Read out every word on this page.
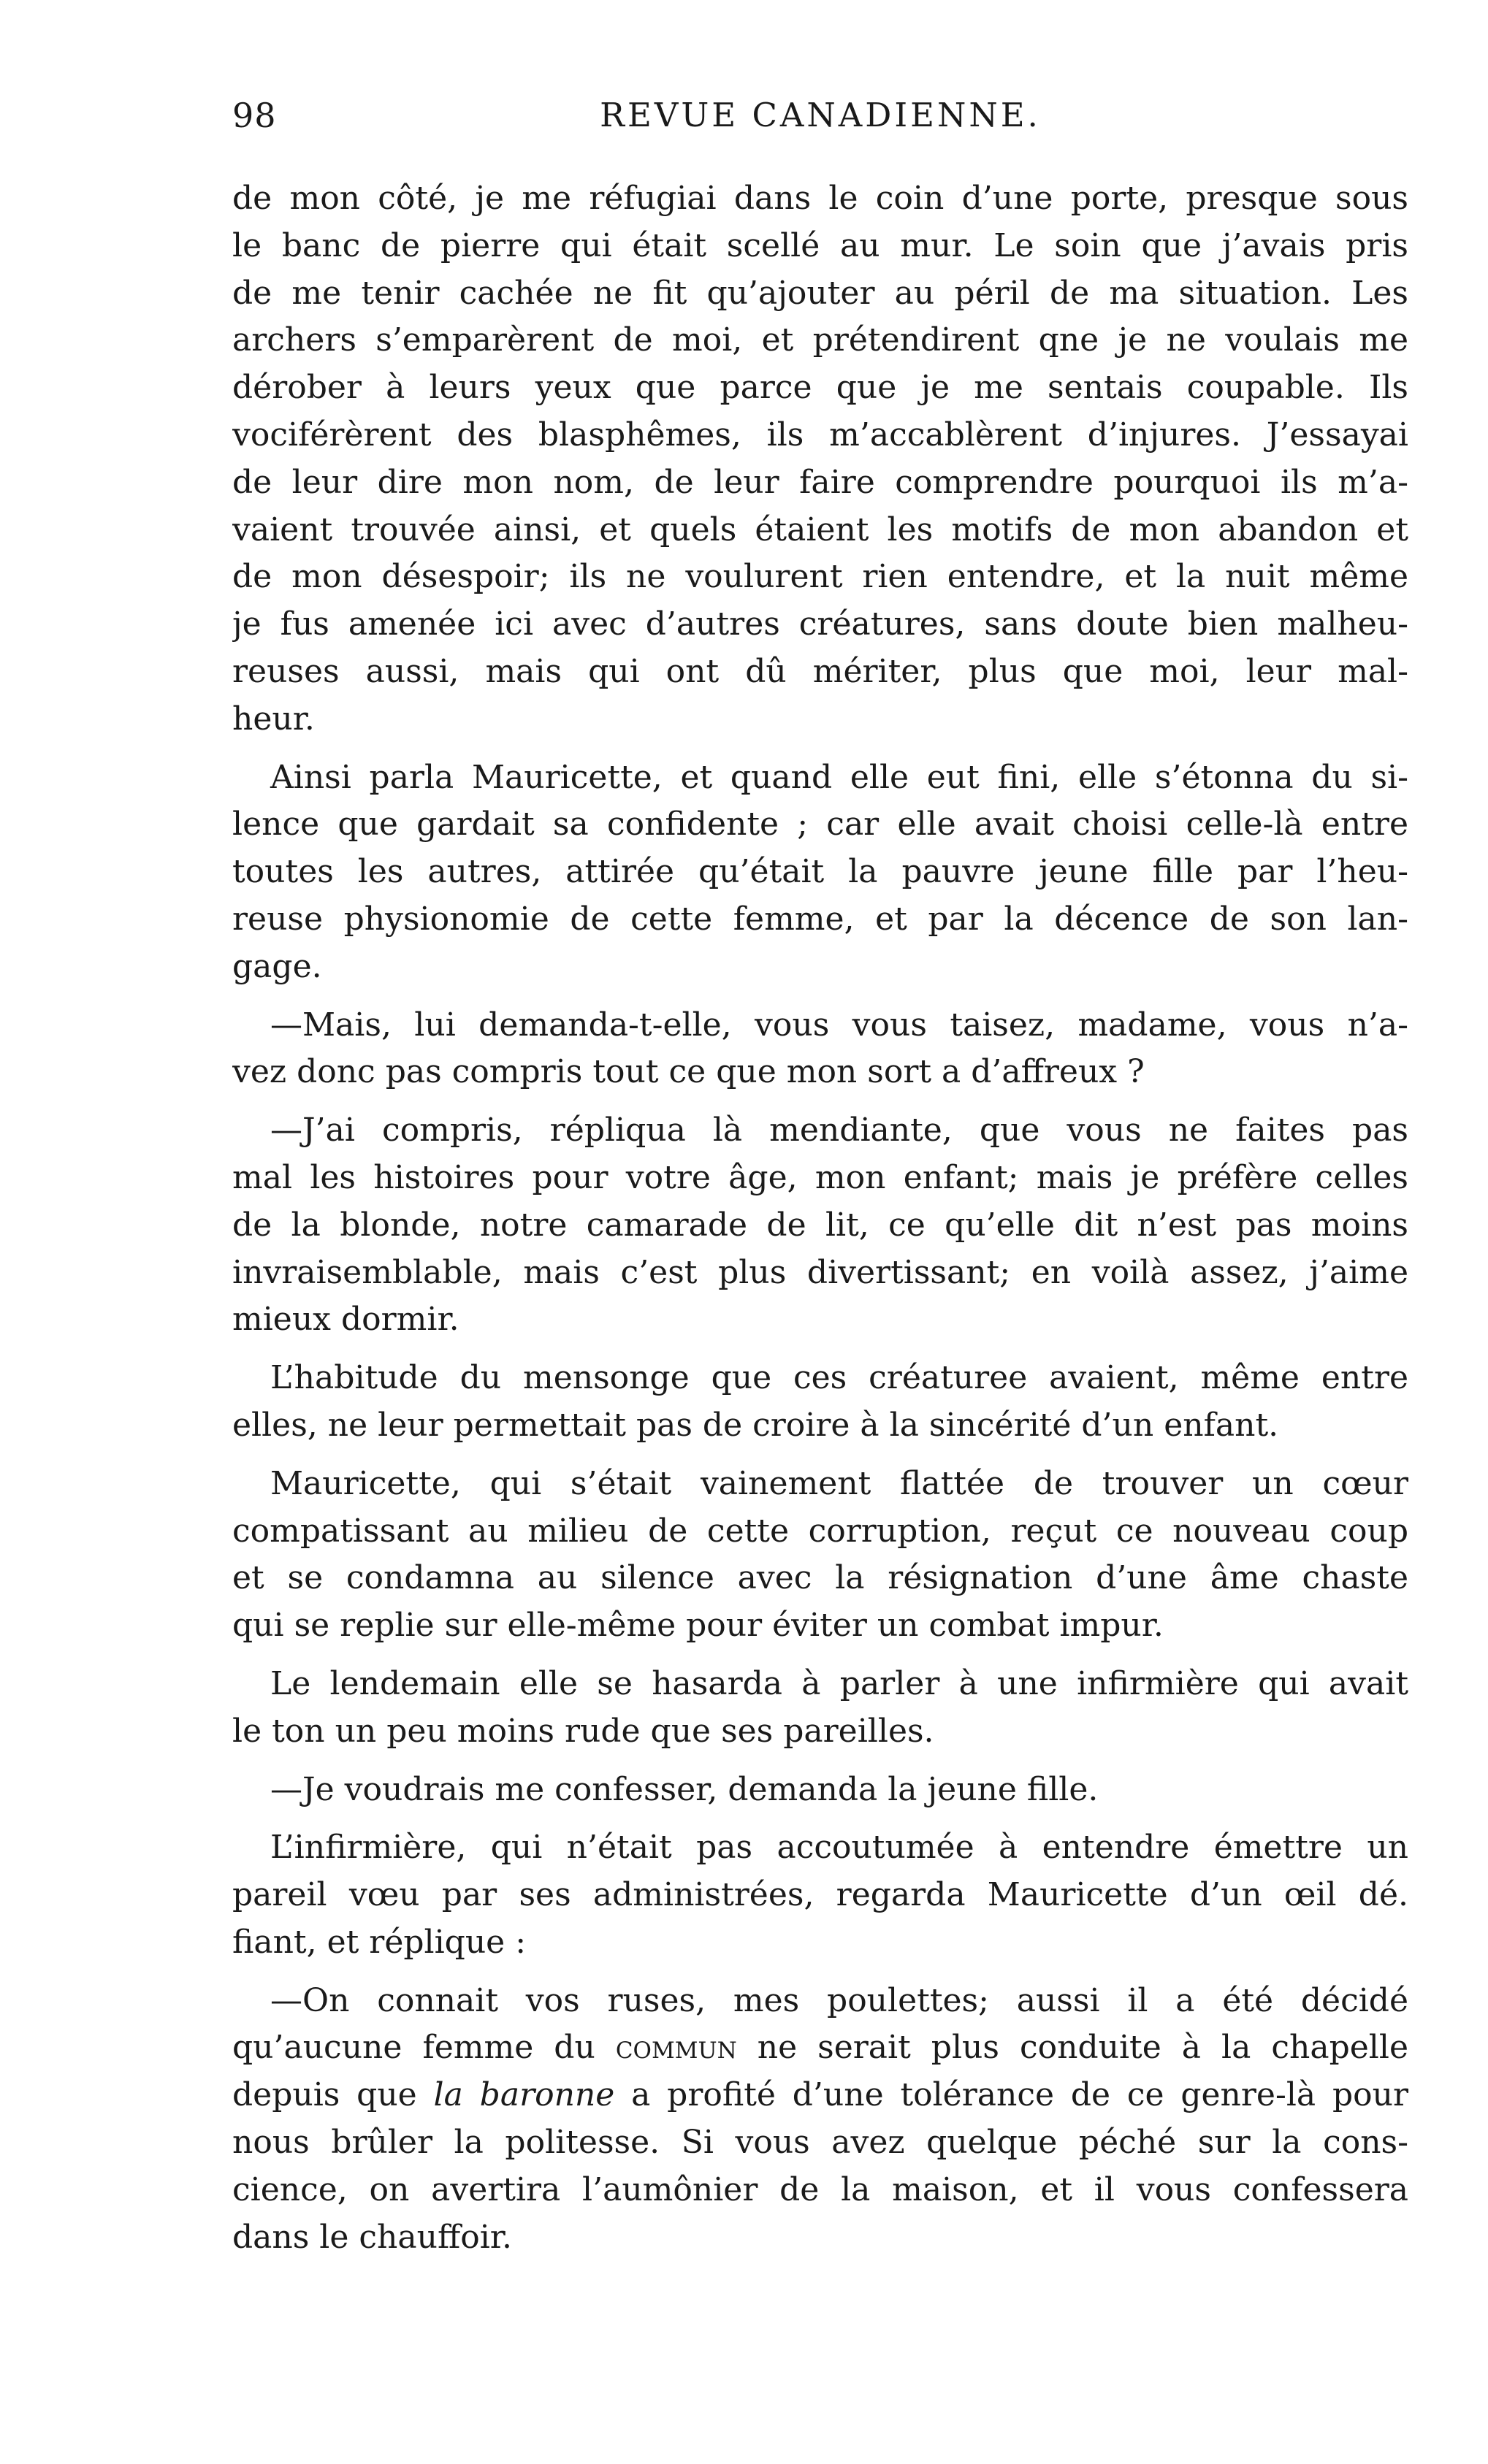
98	REVUE CANADIENNE.

de mon côté, je me réfugiai dans le coin d’une porte, presque sous
le banc de pierre qui était scellé au mur. Le soin que j’avais pris
de me tenir cachée ne fit qu’ajouter au péril de ma situation. Les
archers s’emparèrent de moi, et prétendirent qne je ne voulais me
dérober à leurs yeux que parce que je me sentais coupable. Ils
vociférèrent des blasphêmes, ils m’accablèrent d’injures. J’essayai
de leur dire mon nom, de leur faire comprendre pourquoi ils m’a-
vaient trouvée ainsi, et quels étaient les motifs de mon abandon et
de mon désespoir; ils ne voulurent rien entendre, et la nuit même
je fus amenée ici avec d’autres créatures, sans doute bien malheu-
reuses aussi, mais qui ont dû mériter, plus que moi, leur mal-
heur.

Ainsi parla Mauricette, et quand elle eut fini, elle s’étonna du si-
lence que gardait sa confidente ; car elle avait choisi celle-là entre
toutes les autres, attirée qu’était la pauvre jeune fille par l’heu-
reuse physionomie de cette femme, et par la décence de son lan-
gage.

—Mais, lui demanda-t-elle, vous vous taisez, madame, vous n’a-
vez donc pas compris tout ce que mon sort a d’affreux ?

—J’ai compris, répliqua là mendiante, que vous ne faites pas
mal les histoires pour votre âge, mon enfant; mais je préfère celles
de la blonde, notre camarade de lit, ce qu’elle dit n’est pas moins
invraisemblable, mais c’est plus divertissant; en voilà assez, j’aime
mieux dormir.

L’habitude du mensonge que ces créaturee avaient, même entre
elles, ne leur permettait pas de croire à la sincérité d’un enfant.

Mauricette, qui s’était vainement flattée de trouver un cœur
compatissant au milieu de cette corruption, reçut ce nouveau coup
et se condamna au silence avec la résignation d’une âme chaste
qui se replie sur elle-même pour éviter un combat impur.

Le lendemain elle se hasarda à parler à une infirmière qui avait
le ton un peu moins rude que ses pareilles.

—Je voudrais me confesser, demanda la jeune fille.

L’infirmière, qui n’était pas accoutumée à entendre émettre un
pareil vœu par ses administrées, regarda Mauricette d’un œil dé.
fiant, et réplique :

—On connait vos ruses, mes poulettes; aussi il a été décidé
qu’aucune femme du commun ne serait plus conduite à la chapelle
depuis que la baronne a profité d’une tolérance de ce genre-là pour
nous brûler la politesse. Si vous avez quelque péché sur la cons-
cience, on avertira l’aumônier de la maison, et il vous confessera
dans le chauffoir.
